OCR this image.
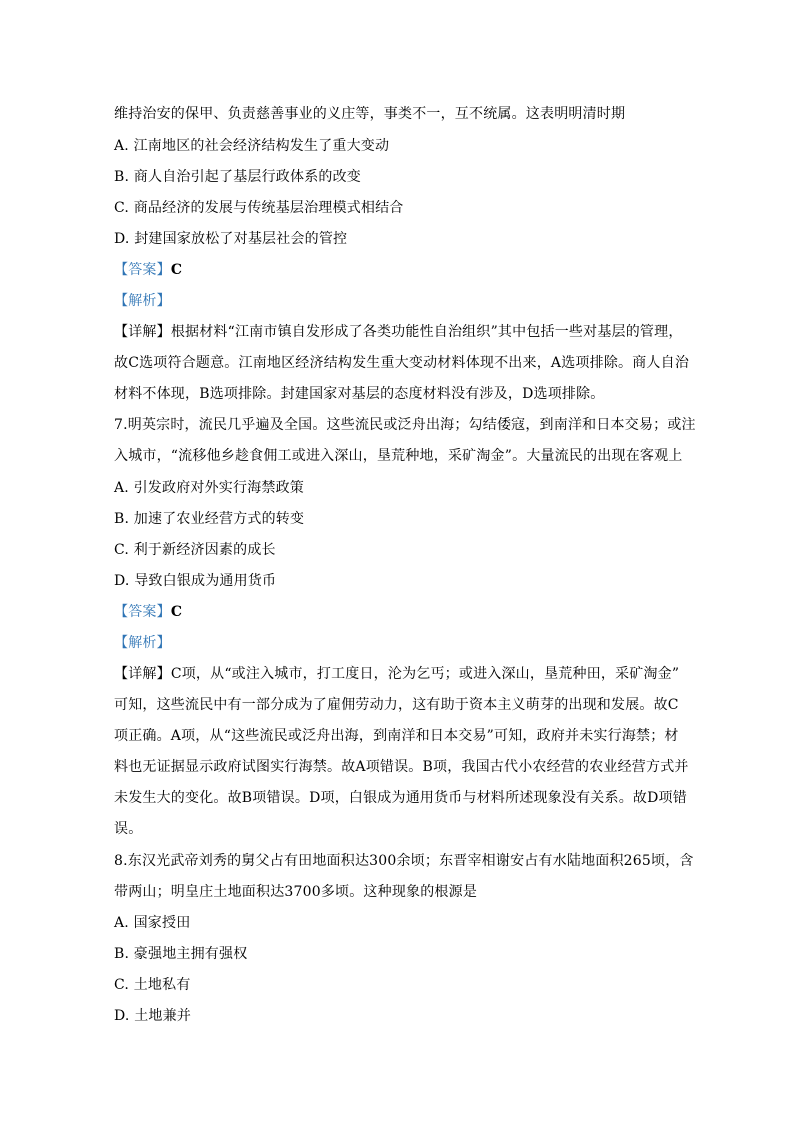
维持治安的保甲、负责慈善事业的义庄等，事类不一，互不统属。这表明明清时期
A. 江南地区的社会经济结构发生了重大变动
B. 商人自治引起了基层行政体系的改变
C. 商品经济的发展与传统基层治理模式相结合
D. 封建国家放松了对基层社会的管控
【答案】C
【解析】
【详解】根据材料“江南市镇自发形成了各类功能性自治组织”其中包括一些对基层的管理，
故C选项符合题意。江南地区经济结构发生重大变动材料体现不出来，A选项排除。商人自治
材料不体现，B选项排除。封建国家对基层的态度材料没有涉及，D选项排除。
7.明英宗时，流民几乎遍及全国。这些流民或泛舟出海；勾结倭寇，到南洋和日本交易；或注
入城市，“流移他乡趁食佣工或进入深山，垦荒种地，采矿淘金”。大量流民的出现在客观上
A. 引发政府对外实行海禁政策
B. 加速了农业经营方式的转变
C. 利于新经济因素的成长
D. 导致白银成为通用货币
【答案】C
【解析】
【详解】C项，从“或注入城市，打工度日，沦为乞丐；或进入深山，垦荒种田，采矿淘金”
可知，这些流民中有一部分成为了雇佣劳动力，这有助于资本主义萌芽的出现和发展。故C
项正确。A项，从“这些流民或泛舟出海，到南洋和日本交易”可知，政府并未实行海禁；材
料也无证据显示政府试图实行海禁。故A项错误。B项，我国古代小农经营的农业经营方式并
未发生大的变化。故B项错误。D项，白银成为通用货币与材料所述现象没有关系。故D项错
误。
8.东汉光武帝刘秀的舅父占有田地面积达300余顷；东晋宰相谢安占有水陆地面积265顷，含
带两山；明皇庄土地面积达3700多顷。这种现象的根源是
A. 国家授田
B. 豪强地主拥有强权
C. 土地私有
D. 土地兼并
